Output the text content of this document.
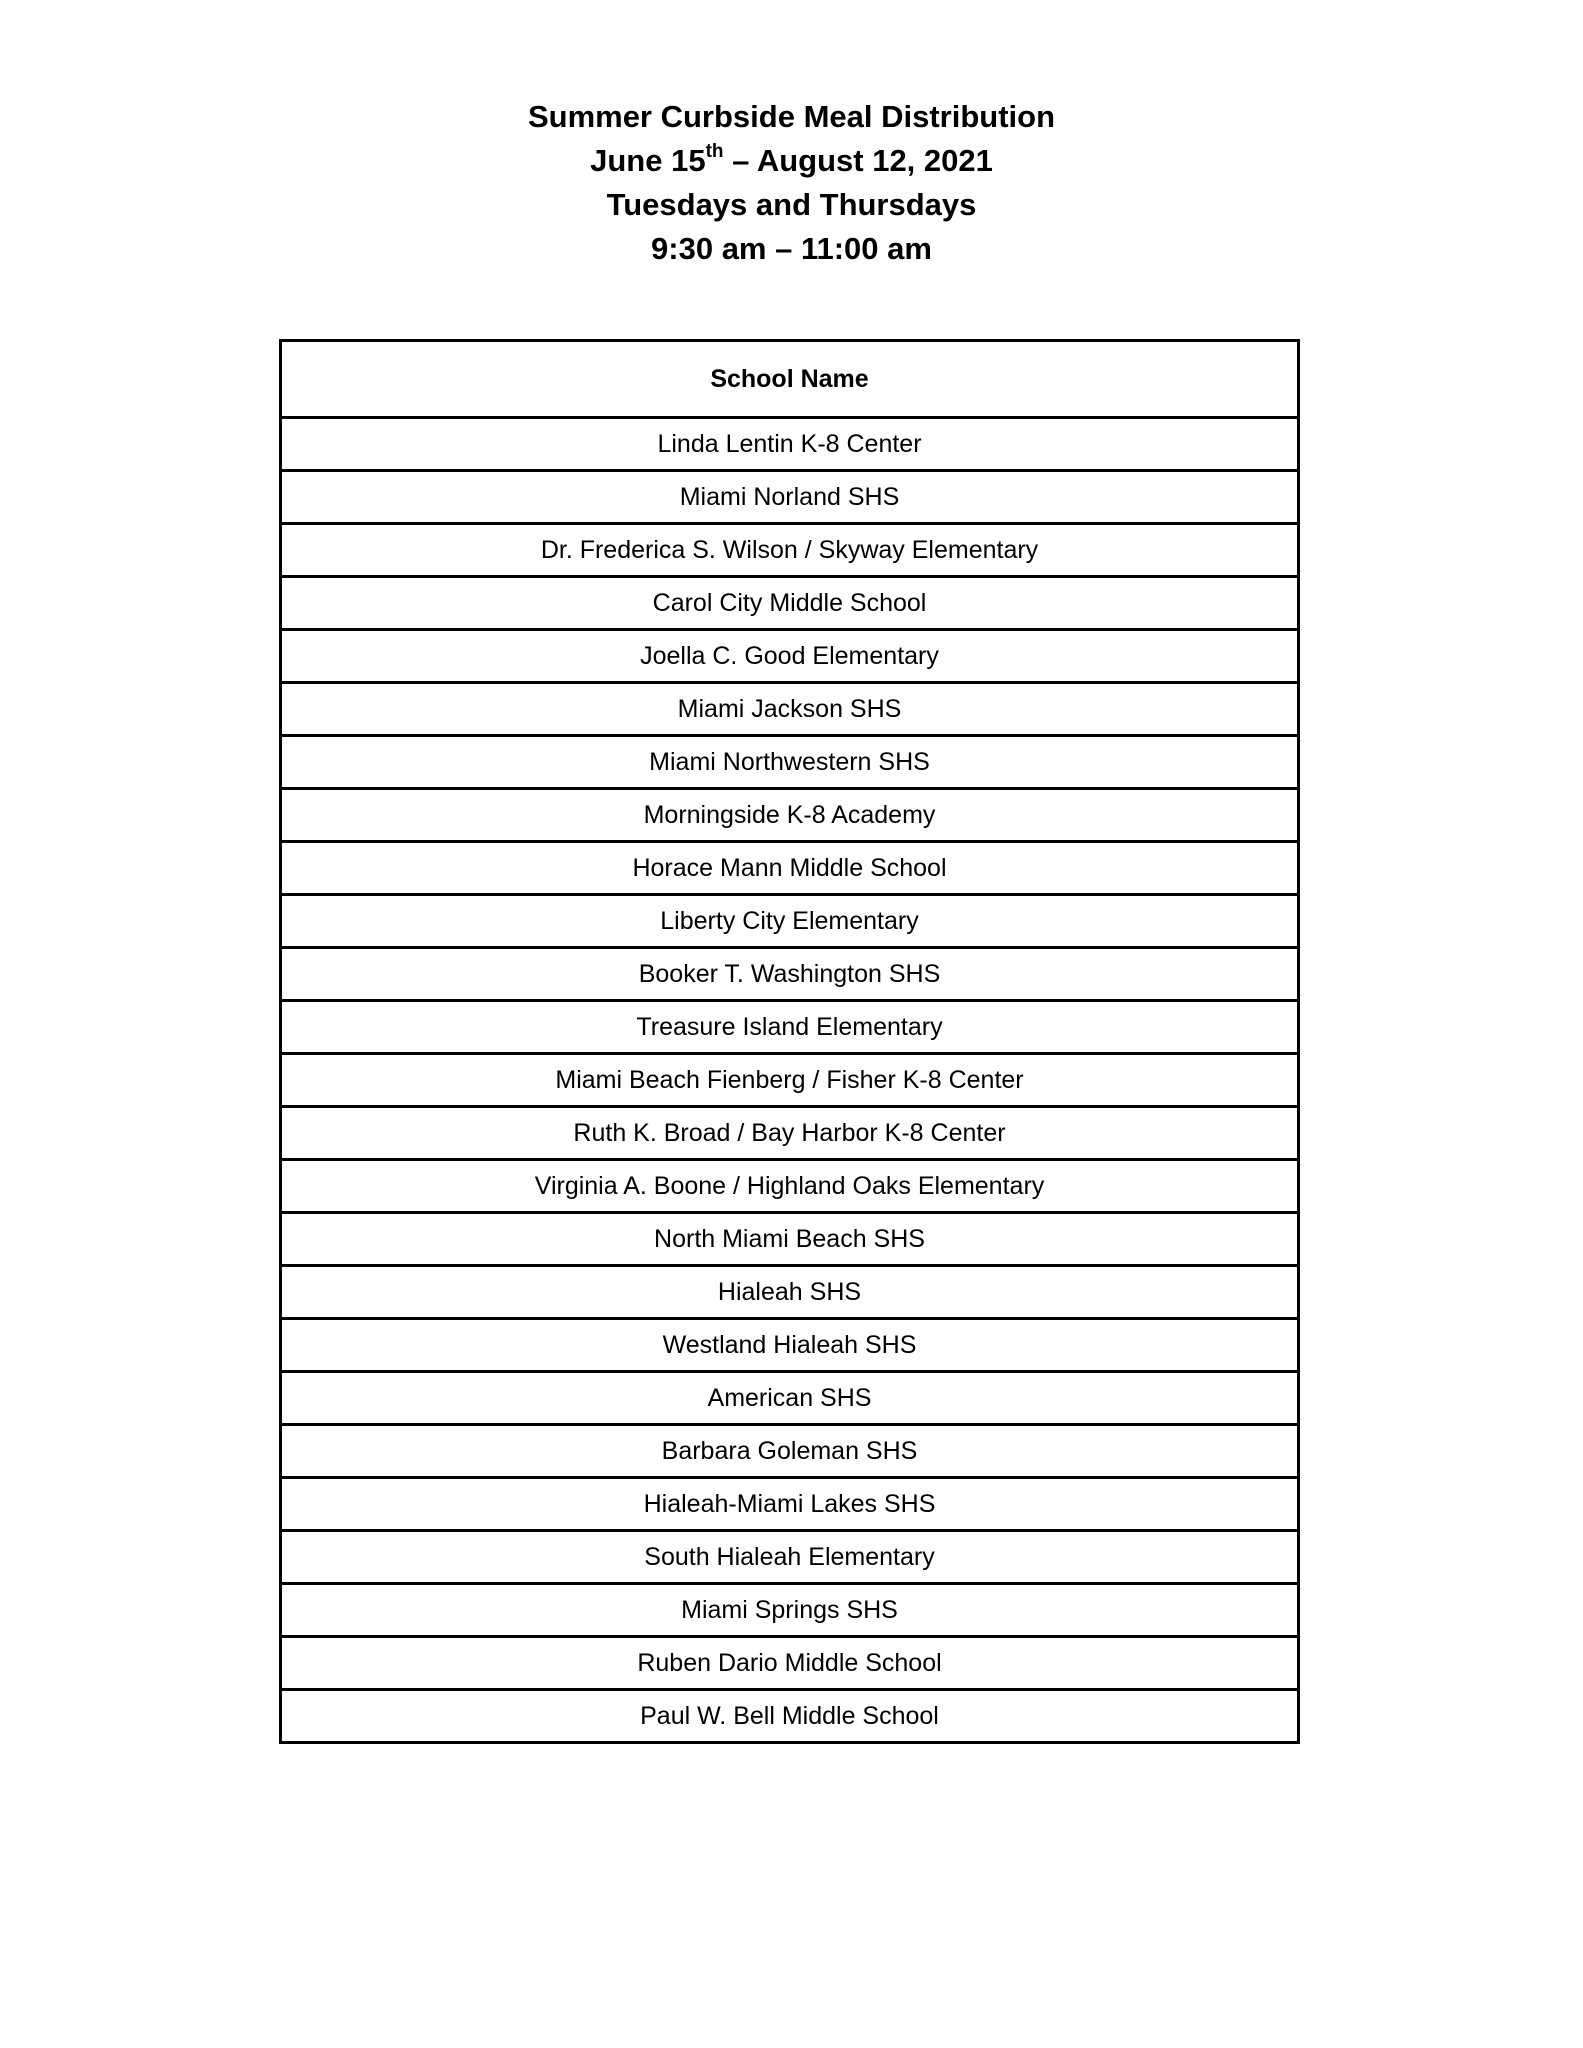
Summer Curbside Meal Distribution
June 15th – August 12, 2021
Tuesdays and Thursdays
9:30 am – 11:00 am
School Name
Linda Lentin K-8 Center
Miami Norland SHS
Dr. Frederica S. Wilson / Skyway Elementary
Carol City Middle School
Joella C. Good Elementary
Miami Jackson SHS
Miami Northwestern SHS
Morningside K-8 Academy
Horace Mann Middle School
Liberty City Elementary
Booker T. Washington SHS
Treasure Island Elementary
Miami Beach Fienberg / Fisher K-8 Center
Ruth K. Broad / Bay Harbor K-8 Center
Virginia A. Boone / Highland Oaks Elementary
North Miami Beach SHS
Hialeah SHS
Westland Hialeah SHS
American SHS
Barbara Goleman SHS
Hialeah-Miami Lakes SHS
South Hialeah Elementary
Miami Springs SHS
Ruben Dario Middle School
Paul W. Bell Middle School
